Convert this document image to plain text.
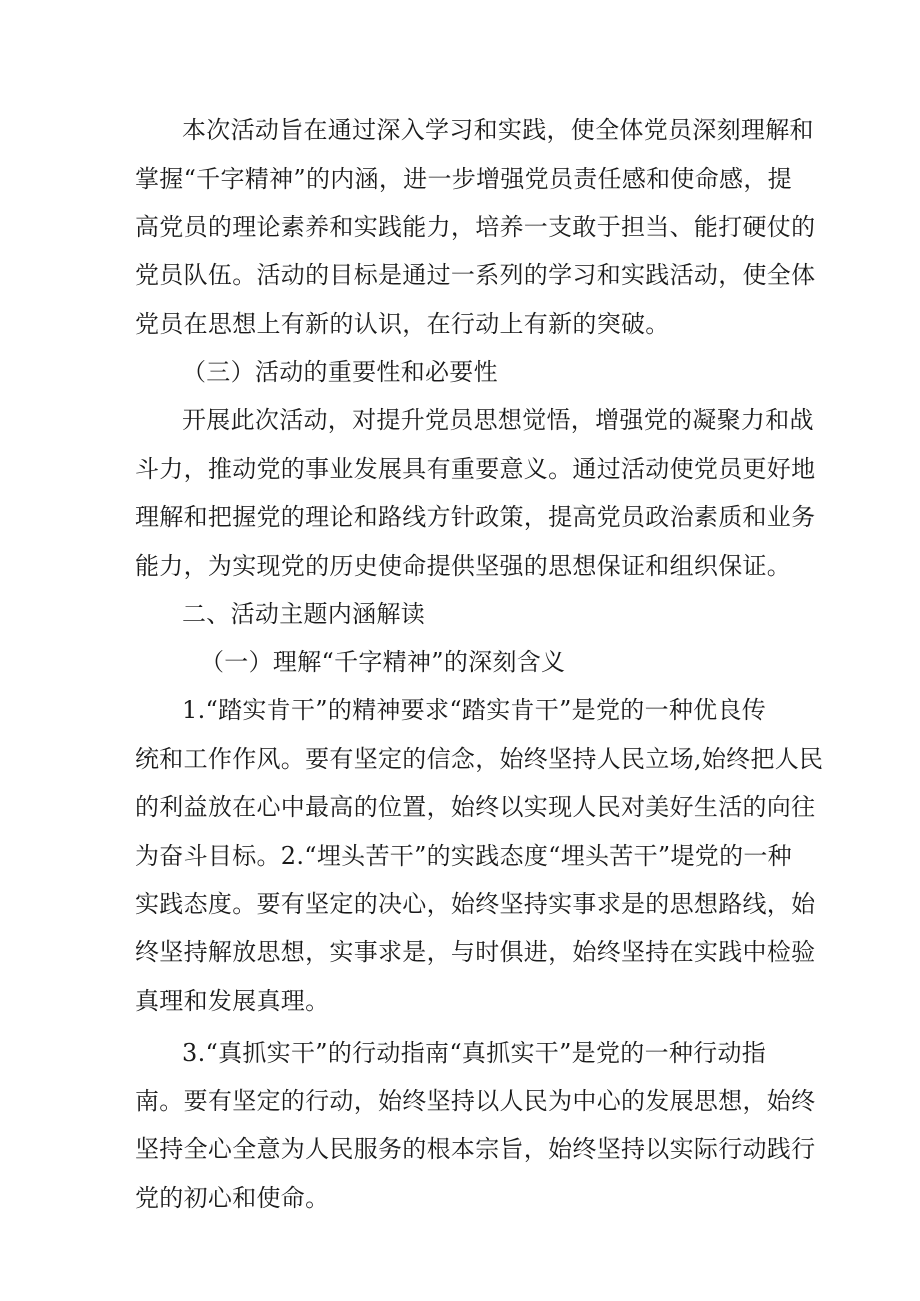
本次活动旨在通过深入学习和实践，使全体党员深刻理解和
掌握“千字精神”的内涵，进一步增强党员责任感和使命感，提
高党员的理论素养和实践能力，培养一支敢于担当、能打硬仗的
党员队伍。活动的目标是通过一系列的学习和实践活动，使全体
党员在思想上有新的认识，在行动上有新的突破。
（三）活动的重要性和必要性
开展此次活动，对提升党员思想觉悟，增强党的凝聚力和战
斗力，推动党的事业发展具有重要意义。通过活动使党员更好地
理解和把握党的理论和路线方针政策，提高党员政治素质和业务
能力，为实现党的历史使命提供坚强的思想保证和组织保证。
二、活动主题内涵解读
（一）理解“千字精神”的深刻含义
1.“踏实肯干”的精神要求“踏实肯干”是党的一种优良传
统和工作作风。要有坚定的信念，始终坚持人民立场,始终把人民
的利益放在心中最高的位置，始终以实现人民对美好生活的向往
为奋斗目标。2.“埋头苦干”的实践态度“埋头苦干”堤党的一种
实践态度。要有坚定的决心，始终坚持实事求是的思想路线，始
终坚持解放思想，实事求是，与时俱进，始终坚持在实践中检验
真理和发展真理。
3.“真抓实干”的行动指南“真抓实干”是党的一种行动指
南。要有坚定的行动，始终坚持以人民为中心的发展思想，始终
坚持全心全意为人民服务的根本宗旨，始终坚持以实际行动践行
党的初心和使命。
